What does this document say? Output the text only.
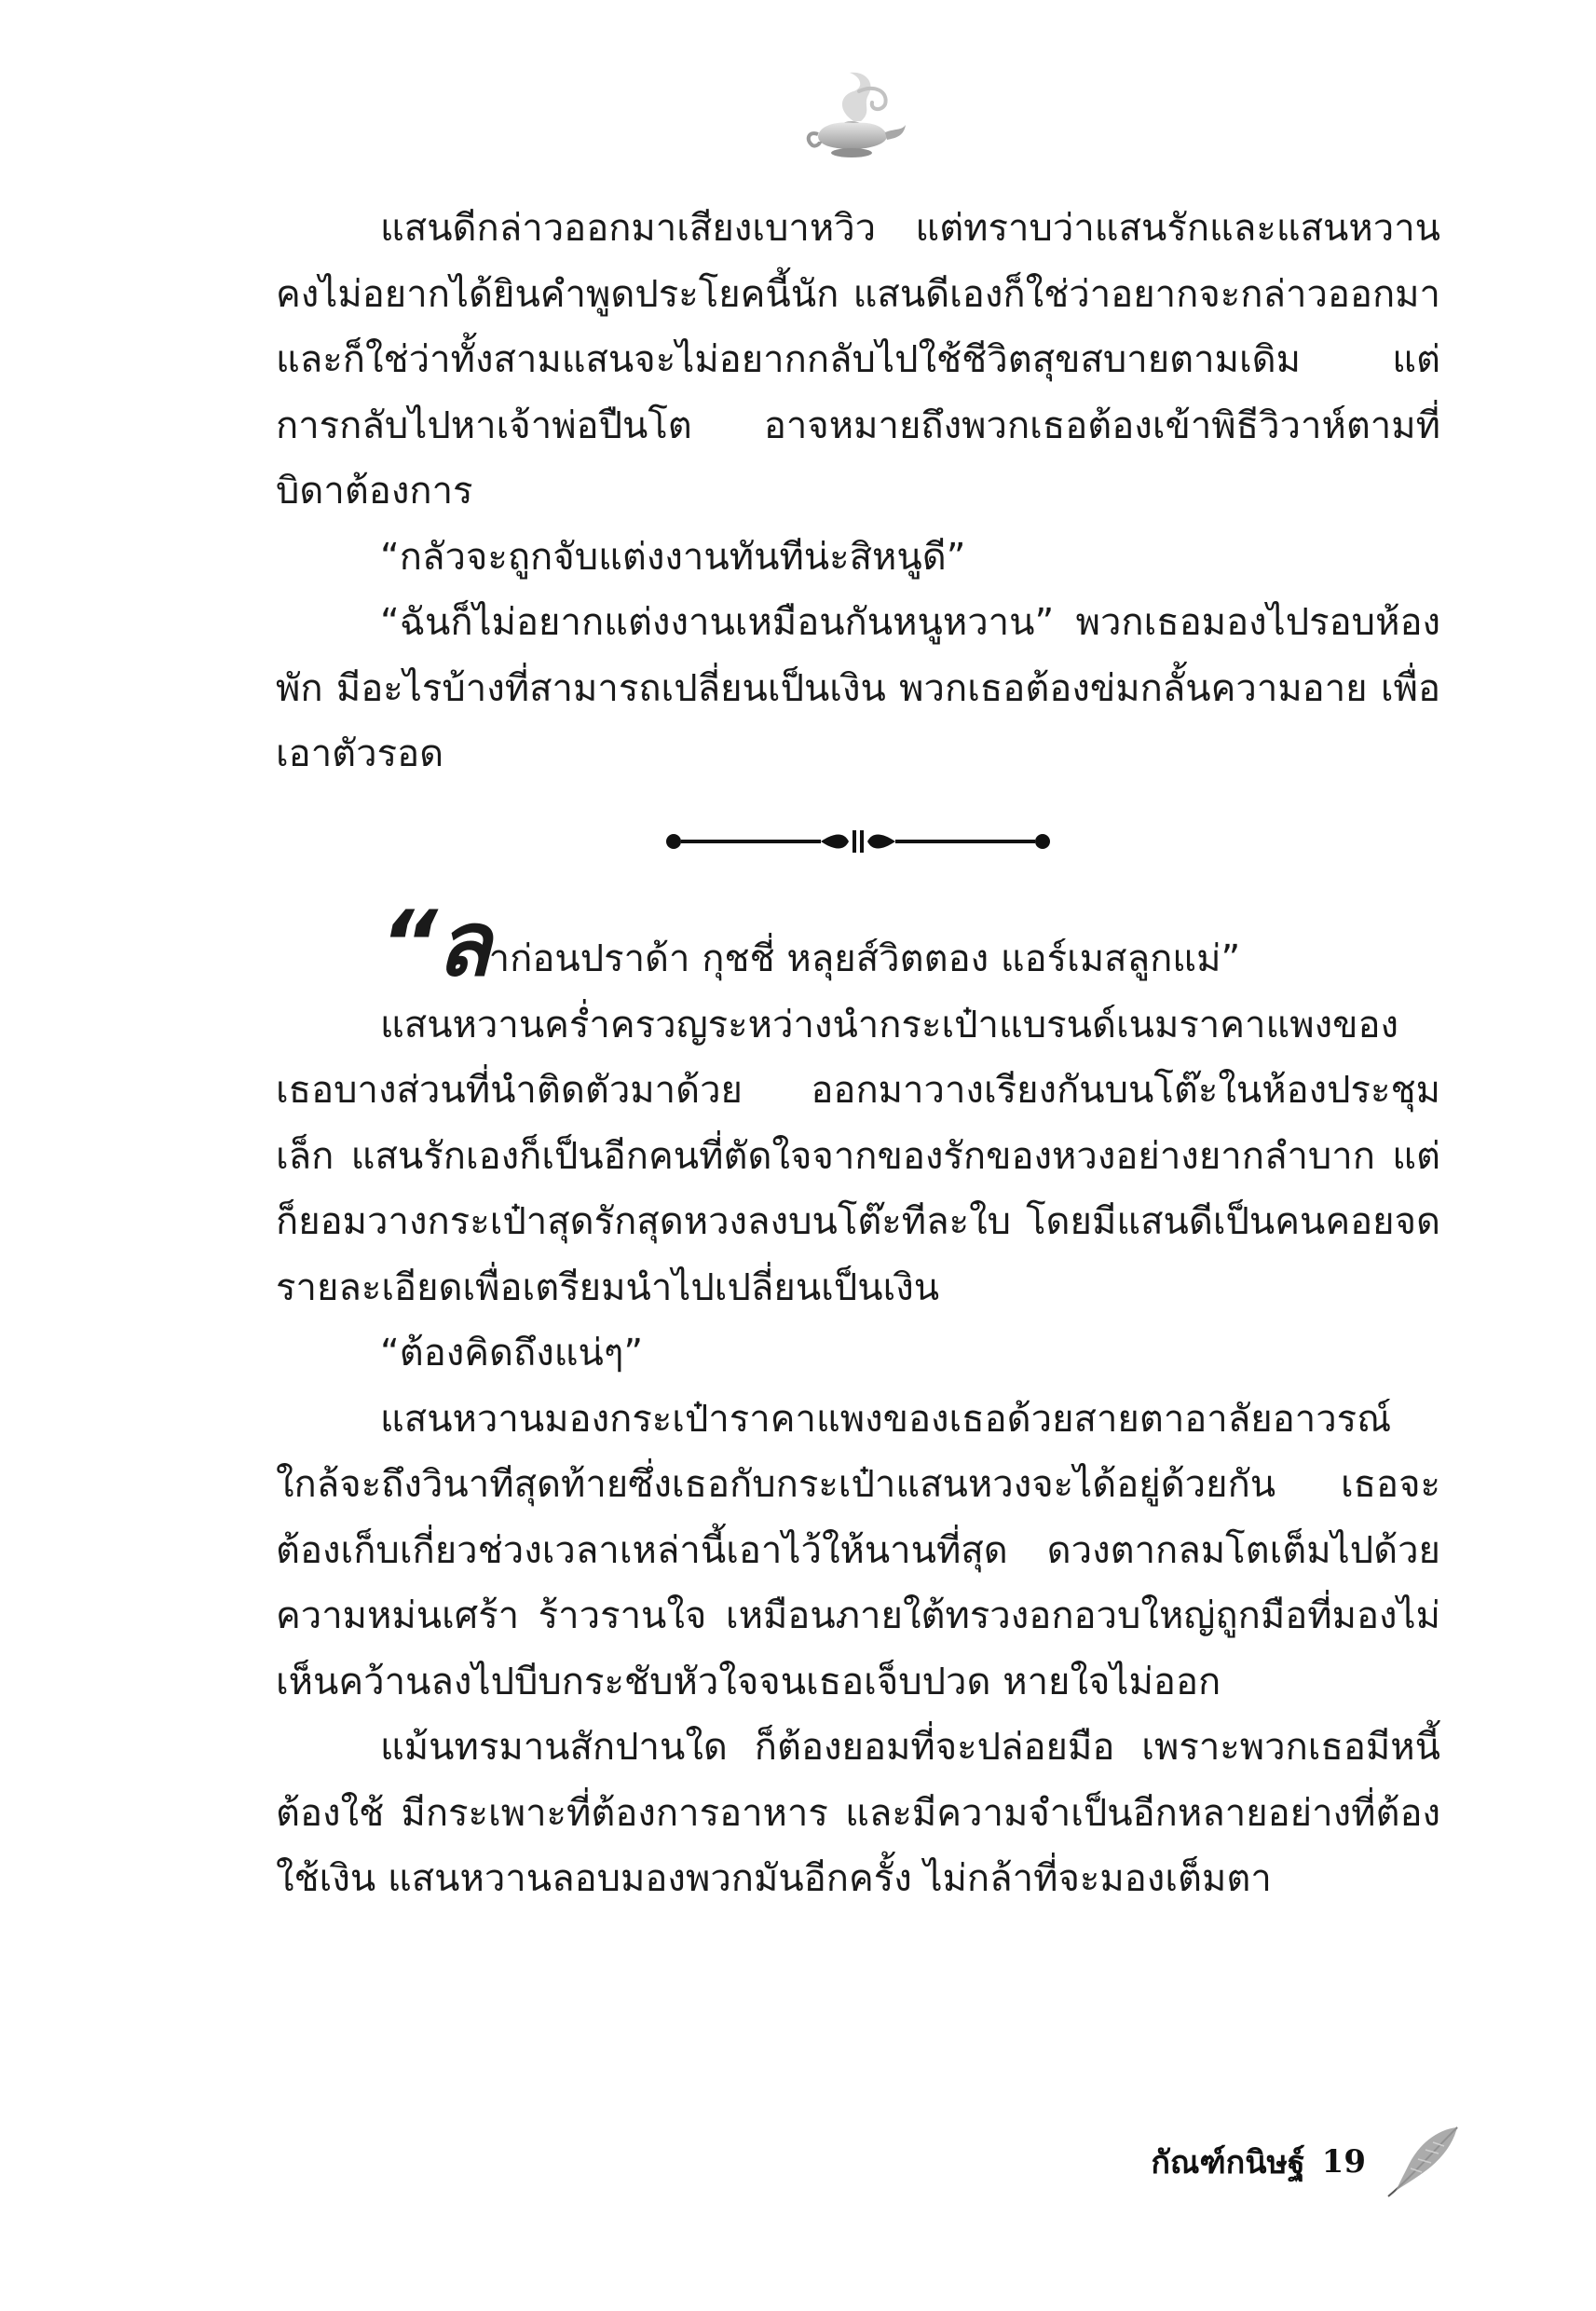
แสนดีกล่าวออกมาเสียงเบาหวิว แต่ทราบว่าแสนรักและแสนหวานคงไม่อยากได้ยินคำพูดประโยคนี้นัก แสนดีเองก็ใช่ว่าอยากจะกล่าวออกมา และก็ใช่ว่าทั้งสามแสนจะไม่อยากกลับไปใช้ชีวิตสุขสบายตามเดิม แต่การกลับไปหาเจ้าพ่อปืนโต อาจหมายถึงพวกเธอต้องเข้าพิธีวิวาห์ตามที่บิดาต้องการ

“กลัวจะถูกจับแต่งงานทันทีน่ะสิหนูดี”

“ฉันก็ไม่อยากแต่งงานเหมือนกันหนูหวาน” พวกเธอมองไปรอบห้องพัก มีอะไรบ้างที่สามารถเปลี่ยนเป็นเงิน พวกเธอต้องข่มกลั้นความอาย เพื่อเอาตัวรอด

“ลาก่อนปราด้า กุชชี่ หลุยส์วิตตอง แอร์เมสลูกแม่”

แสนหวานคร่ำครวญระหว่างนำกระเป๋าแบรนด์เนมราคาแพงของเธอบางส่วนที่นำติดตัวมาด้วย ออกมาวางเรียงกันบนโต๊ะในห้องประชุมเล็ก แสนรักเองก็เป็นอีกคนที่ตัดใจจากของรักของหวงอย่างยากลำบาก แต่ก็ยอมวางกระเป๋าสุดรักสุดหวงลงบนโต๊ะทีละใบ โดยมีแสนดีเป็นคนคอยจดรายละเอียดเพื่อเตรียมนำไปเปลี่ยนเป็นเงิน

“ต้องคิดถึงแน่ๆ”

แสนหวานมองกระเป๋าราคาแพงของเธอด้วยสายตาอาลัยอาวรณ์ ใกล้จะถึงวินาทีสุดท้ายซึ่งเธอกับกระเป๋าแสนหวงจะได้อยู่ด้วยกัน เธอจะต้องเก็บเกี่ยวช่วงเวลาเหล่านี้เอาไว้ให้นานที่สุด ดวงตากลมโตเต็มไปด้วยความหม่นเศร้า ร้าวรานใจ เหมือนภายใต้ทรวงอกอวบใหญ่ถูกมือที่มองไม่เห็นคว้านลงไปบีบกระชับหัวใจจนเธอเจ็บปวด หายใจไม่ออก

แม้นทรมานสักปานใด ก็ต้องยอมที่จะปล่อยมือ เพราะพวกเธอมีหนี้ต้องใช้ มีกระเพาะที่ต้องการอาหาร และมีความจำเป็นอีกหลายอย่างที่ต้องใช้เงิน แสนหวานลอบมองพวกมันอีกครั้ง ไม่กล้าที่จะมองเต็มตา

กัณฑ์กนิษฐ์ 19
